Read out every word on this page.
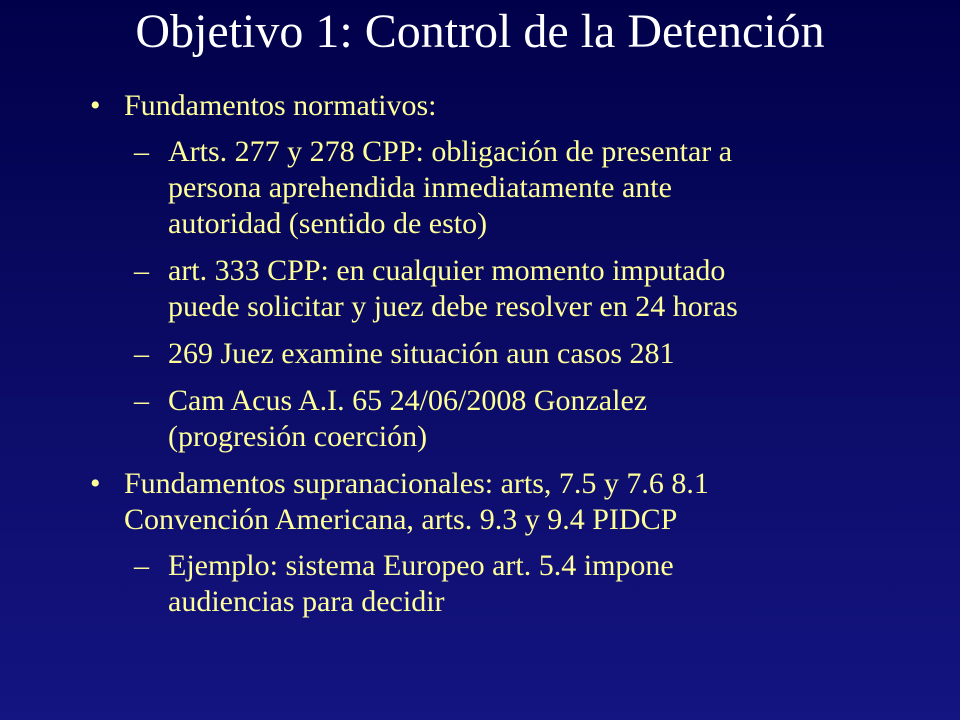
Objetivo 1: Control de la Detención
• Fundamentos normativos:
– Arts. 277 y 278 CPP: obligación de presentar a
persona aprehendida inmediatamente ante
autoridad (sentido de esto)
– art. 333 CPP: en cualquier momento imputado
puede solicitar y juez debe resolver en 24 horas
– 269 Juez examine situación aun casos 281
– Cam Acus A.I. 65 24/06/2008 Gonzalez
(progresión coerción)
• Fundamentos supranacionales: arts, 7.5 y 7.6 8.1
Convención Americana, arts. 9.3 y 9.4 PIDCP
– Ejemplo: sistema Europeo art. 5.4 impone
audiencias para decidir
